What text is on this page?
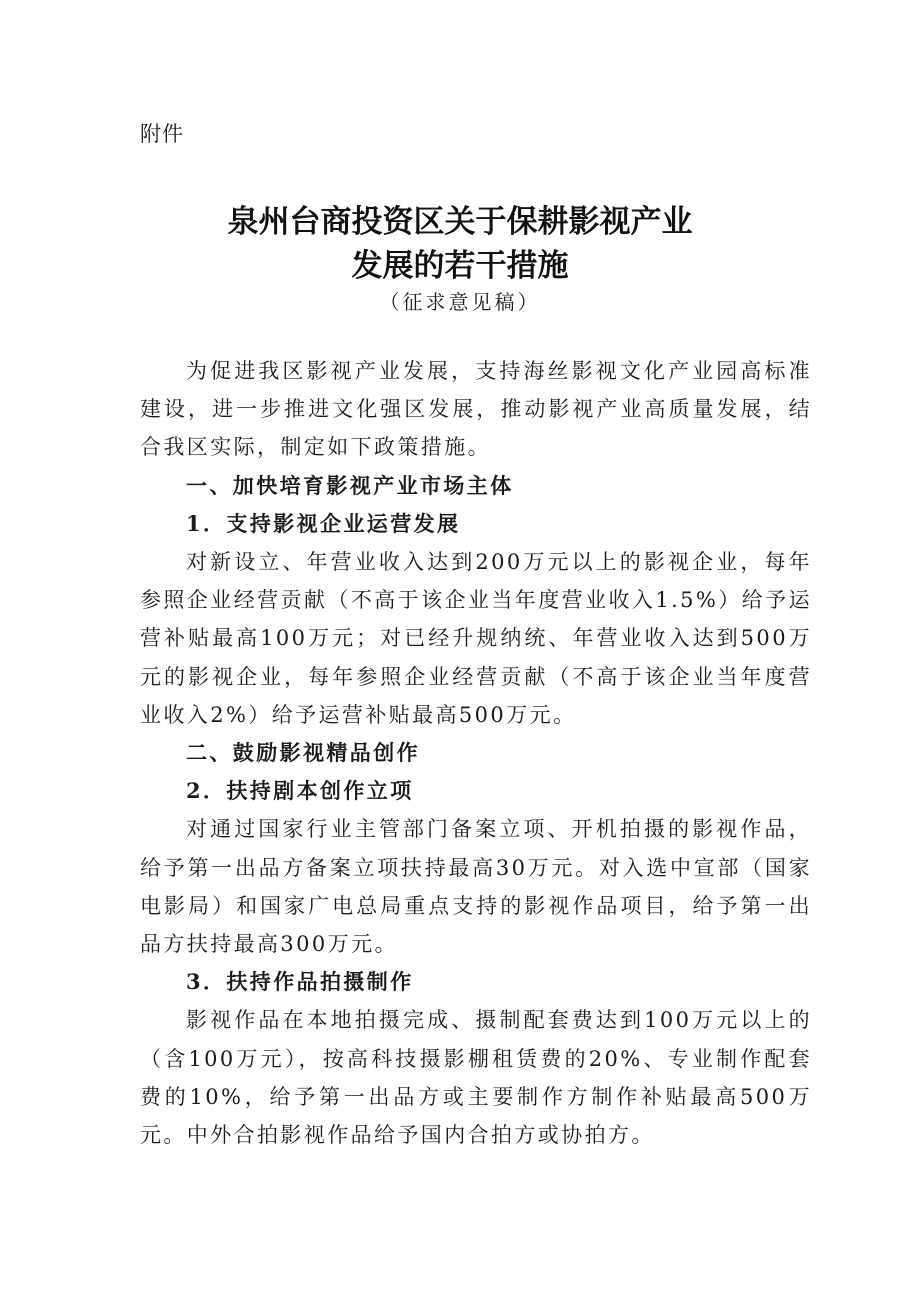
附件
泉州台商投资区关于保耕影视产业
发展的若干措施
（征求意见稿）

为促进我区影视产业发展，支持海丝影视文化产业园高标准建设，进一步推进文化强区发展，推动影视产业高质量发展，结合我区实际，制定如下政策措施。

一、加快培育影视产业市场主体

1．支持影视企业运营发展

对新设立、年营业收入达到200万元以上的影视企业，每年参照企业经营贡献（不高于该企业当年度营业收入1.5%）给予运营补贴最高100万元；对已经升规纳统、年营业收入达到500万元的影视企业，每年参照企业经营贡献（不高于该企业当年度营业收入2%）给予运营补贴最高500万元。

二、鼓励影视精品创作

2．扶持剧本创作立项

对通过国家行业主管部门备案立项、开机拍摄的影视作品，给予第一出品方备案立项扶持最高30万元。对入选中宣部（国家电影局）和国家广电总局重点支持的影视作品项目，给予第一出品方扶持最高300万元。

3．扶持作品拍摄制作

影视作品在本地拍摄完成、摄制配套费达到100万元以上的（含100万元），按高科技摄影棚租赁费的20%、专业制作配套费的10%，给予第一出品方或主要制作方制作补贴最高500万元。中外合拍影视作品给予国内合拍方或协拍方。
